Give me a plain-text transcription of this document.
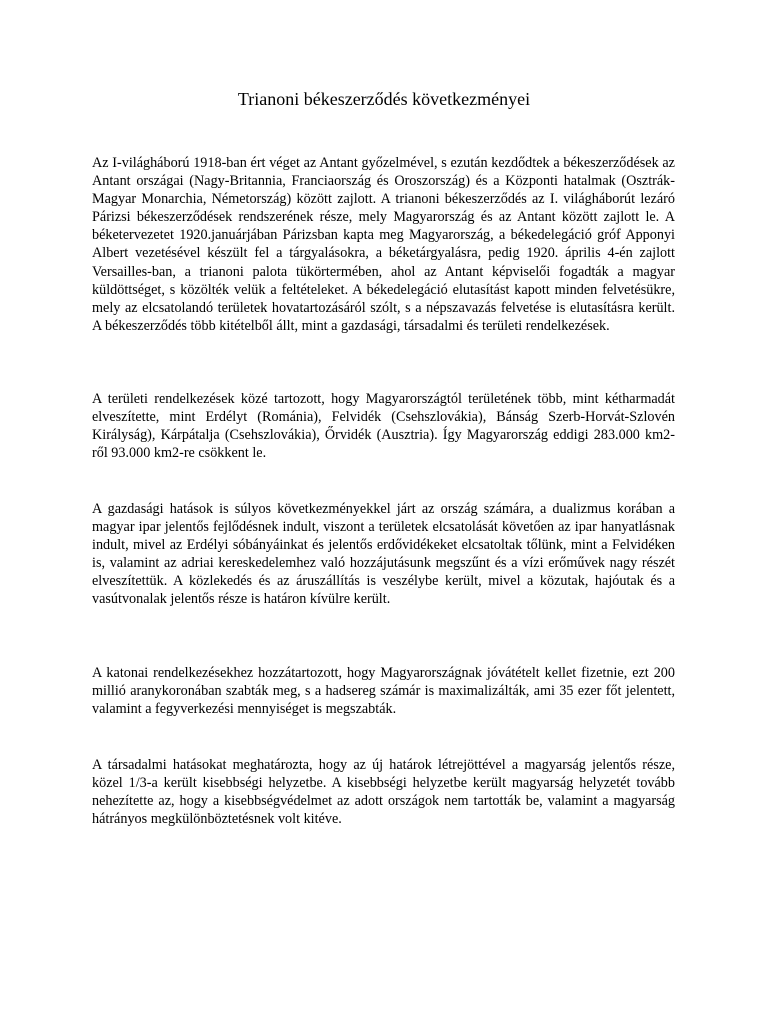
Trianoni békeszerződés következményei

Az I-világháború 1918-ban ért véget az Antant győzelmével, s ezután kezdődtek a békeszerződések az Antant országai (Nagy-Britannia, Franciaország és Oroszország) és a Központi hatalmak (Osztrák-Magyar Monarchia, Németország) között zajlott. A trianoni békeszerződés az I. világháborút lezáró Párizsi békeszerződések rendszerének része, mely Magyarország és az Antant között zajlott le. A béketervezetet 1920.januárjában Párizsban kapta meg Magyarország, a békedelegáció gróf Apponyi Albert vezetésével készült fel a tárgyalásokra, a béketárgyalásra, pedig 1920. április 4-én zajlott Versailles-ban, a trianoni palota tükörtermében, ahol az Antant képviselői fogadták a magyar küldöttséget, s közölték velük a feltételeket. A békedelegáció elutasítást kapott minden felvetésükre, mely az elcsatolandó területek hovatartozásáról szólt, s a népszavazás felvetése is elutasításra került. A békeszerződés több kitételből állt, mint a gazdasági, társadalmi és területi rendelkezések.

A területi rendelkezések közé tartozott, hogy Magyarországtól területének több, mint kétharmadát elveszítette, mint Erdélyt (Románia), Felvidék (Csehszlovákia), Bánság Szerb-Horvát-Szlovén Királyság), Kárpátalja (Csehszlovákia), Őrvidék (Ausztria). Így Magyarország eddigi 283.000 km2-ről 93.000 km2-re csökkent le.

A gazdasági hatások is súlyos következményekkel járt az ország számára, a dualizmus korában a magyar ipar jelentős fejlődésnek indult, viszont a területek elcsatolását követően az ipar hanyatlásnak indult, mivel az Erdélyi sóbányáinkat és jelentős erdővidékeket elcsatoltak tőlünk, mint a Felvidéken is, valamint az adriai kereskedelemhez való hozzájutásunk megszűnt és a vízi erőművek nagy részét elveszítettük. A közlekedés és az áruszállítás is veszélybe került, mivel a közutak, hajóutak és a vasútvonalak jelentős része is határon kívülre került.

A katonai rendelkezésekhez hozzátartozott, hogy Magyarországnak jóvátételt kellet fizetnie, ezt 200 millió aranykoronában szabták meg, s a hadsereg számár is maximalizálták, ami 35 ezer főt jelentett, valamint a fegyverkezési mennyiséget is megszabták.

A társadalmi hatásokat meghatározta, hogy az új határok létrejöttével a magyarság jelentős része, közel 1/3-a került kisebbségi helyzetbe. A kisebbségi helyzetbe került magyarság helyzetét tovább nehezítette az, hogy a kisebbségvédelmet az adott országok nem tartották be, valamint a magyarság hátrányos megkülönböztetésnek volt kitéve.
